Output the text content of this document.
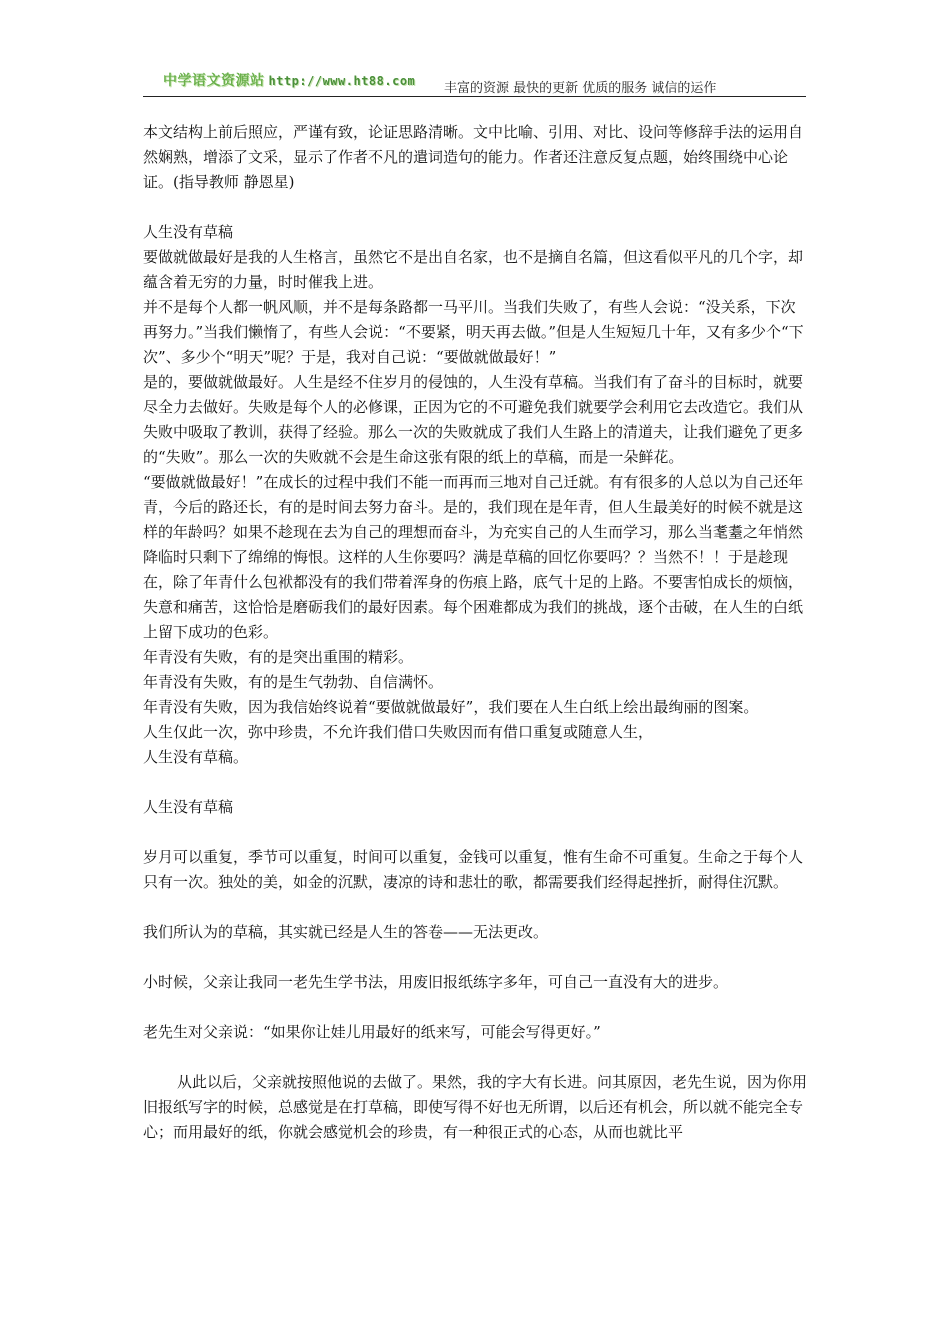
中学语文资源站 http://www.ht88.com 丰富的资源 最快的更新 优质的服务 诚信的运作

本文结构上前后照应，严谨有致，论证思路清晰。文中比喻、引用、对比、设问等修辞手法的运用自然娴熟，增添了文采，显示了作者不凡的遣词造句的能力。作者还注意反复点题，始终围绕中心论证。(指导教师 静恩星)

人生没有草稿

要做就做最好是我的人生格言，虽然它不是出自名家，也不是摘自名篇，但这看似平凡的几个字，却蕴含着无穷的力量，时时催我上进。

并不是每个人都一帆风顺，并不是每条路都一马平川。当我们失败了，有些人会说：“没关系，下次再努力。”当我们懒惰了，有些人会说：“不要紧，明天再去做。”但是人生短短几十年，又有多少个“下次”、多少个“明天”呢？于是，我对自己说：“要做就做最好！”

是的，要做就做最好。人生是经不住岁月的侵蚀的，人生没有草稿。当我们有了奋斗的目标时，就要尽全力去做好。失败是每个人的必修课，正因为它的不可避免我们就要学会利用它去改造它。我们从失败中吸取了教训，获得了经验。那么一次的失败就成了我们人生路上的清道夫，让我们避免了更多的“失败”。那么一次的失败就不会是生命这张有限的纸上的草稿，而是一朵鲜花。

“要做就做最好！”在成长的过程中我们不能一而再而三地对自己迁就。有有很多的人总以为自己还年青，今后的路还长，有的是时间去努力奋斗。是的，我们现在是年青，但人生最美好的时候不就是这样的年龄吗？如果不趁现在去为自己的理想而奋斗，为充实自己的人生而学习，那么当耄耋之年悄然降临时只剩下了绵绵的悔恨。这样的人生你要吗？满是草稿的回忆你要吗？？当然不！！于是趁现在，除了年青什么包袱都没有的我们带着浑身的伤痕上路，底气十足的上路。不要害怕成长的烦恼，失意和痛苦，这恰恰是磨砺我们的最好因素。每个困难都成为我们的挑战，逐个击破，在人生的白纸上留下成功的色彩。

年青没有失败，有的是突出重围的精彩。

年青没有失败，有的是生气勃勃、自信满怀。

年青没有失败，因为我信始终说着“要做就做最好”，我们要在人生白纸上绘出最绚丽的图案。

人生仅此一次，弥中珍贵，不允许我们借口失败因而有借口重复或随意人生，

人生没有草稿。

人生没有草稿

岁月可以重复，季节可以重复，时间可以重复，金钱可以重复，惟有生命不可重复。生命之于每个人只有一次。独处的美，如金的沉默，凄凉的诗和悲壮的歌，都需要我们经得起挫折，耐得住沉默。

我们所认为的草稿，其实就已经是人生的答卷——无法更改。

小时候，父亲让我同一老先生学书法，用废旧报纸练字多年，可自己一直没有大的进步。

老先生对父亲说：“如果你让娃儿用最好的纸来写，可能会写得更好。”

从此以后，父亲就按照他说的去做了。果然，我的字大有长进。问其原因，老先生说，因为你用旧报纸写字的时候，总感觉是在打草稿，即使写得不好也无所谓，以后还有机会，所以就不能完全专心；而用最好的纸，你就会感觉机会的珍贵，有一种很正式的心态，从而也就比平
